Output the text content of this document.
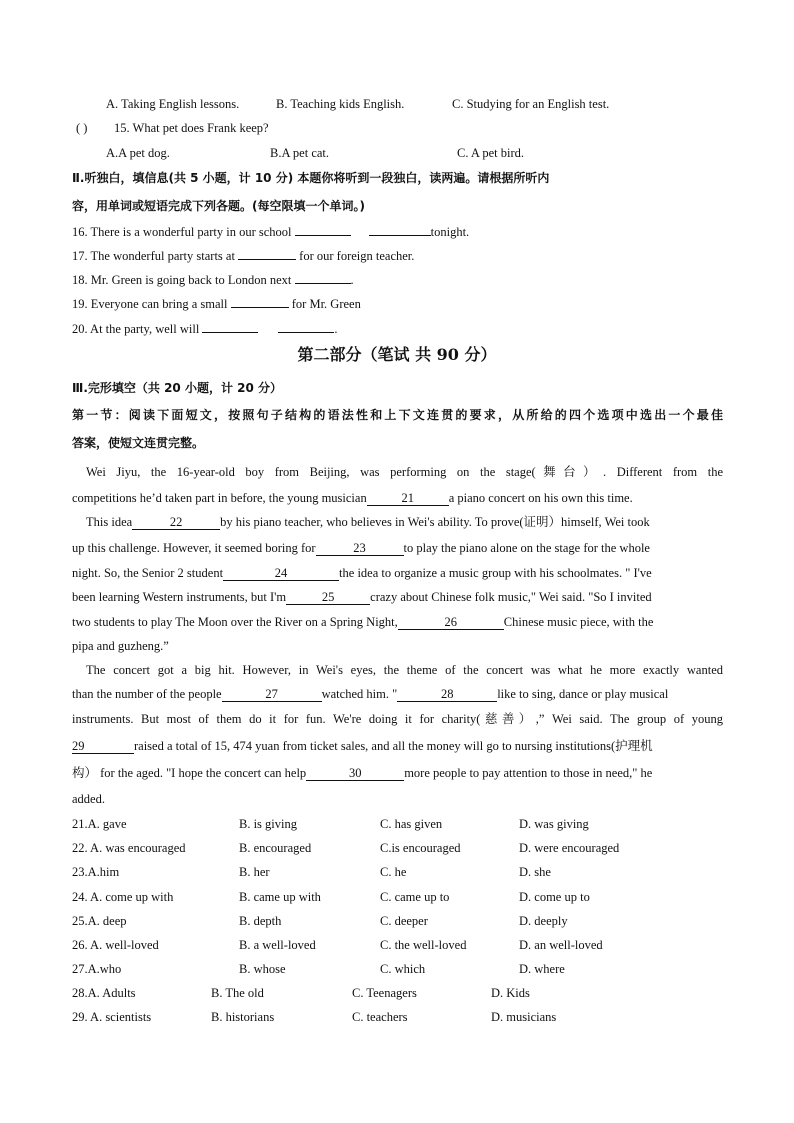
A. Taking English lessons.	B. Teaching kids English.	C. Studying for an English test.
( ) 15. What pet does Frank keep?
A.A pet dog.	B.A pet cat.	C. A pet bird.
Ⅱ.听独白，填信息(共 5 小题，计 10 分) 本题你将听到一段独白，读两遍。请根据所听内
容，用单词或短语完成下列各题。(每空限填一个单词。)
16. There is a wonderful party in our school	tonight.
17. The wonderful party starts at	for our foreign teacher.
18. Mr. Green is going back to London next	.
19. Everyone can bring a small	for Mr. Green
20. At the party, well will	.
第二部分（笔试 共 90 分）
Ⅲ.完形填空（共 20 小题，计 20 分）
第一节：阅读下面短文，按照句子结构的语法性和上下文连贯的要求，从所给的四个选项中选出一个最佳
答案，使短文连贯完整。
Wei Jiyu, the 16-year-old boy from Beijing, was performing on the stage(舞台）. Different from the
competitions he’d taken part in before, the young musician	21	a piano concert on his own this time.
This idea	22	by his piano teacher, who believes in Wei's ability. To prove(证明）himself, Wei took
up this challenge. However, it seemed boring for	23	to play the piano alone on the stage for the whole
night. So, the Senior 2 student	24	the idea to organize a music group with his schoolmates. " I've
been learning Western instruments, but I'm	25	crazy about Chinese folk music," Wei said. "So I invited
two students to play The Moon over the River on a Spring Night,	26	Chinese music piece, with the
pipa and guzheng.”
The concert got a big hit. However, in Wei's eyes, the theme of the concert was what he more exactly wanted
than the number of the people	27	watched him. "	28	like to sing, dance or play musical
instruments. But most of them do it for fun. We're doing it for charity(慈善）,” Wei said. The group of young
29	raised a total of 15, 474 yuan from ticket sales, and all the money will go to nursing institutions(护理机
构） for the aged. "I hope the concert can help	30	more people to pay attention to those in need," he
added.
21.A. gave	B. is giving	C. has given	D. was giving
22. A. was encouraged	B. encouraged	C.is encouraged	D. were encouraged
23.A.him	B. her	C. he	D. she
24. A. come up with	B. came up with	C. came up to	D. come up to
25.A. deep	B. depth	C. deeper	D. deeply
26. A. well-loved	B. a well-loved	C. the well-loved	D. an well-loved
27.A.who	B. whose	C. which	D. where
28.A. Adults	B. The old	C. Teenagers	D. Kids
29. A. scientists	B. historians	C. teachers	D. musicians
